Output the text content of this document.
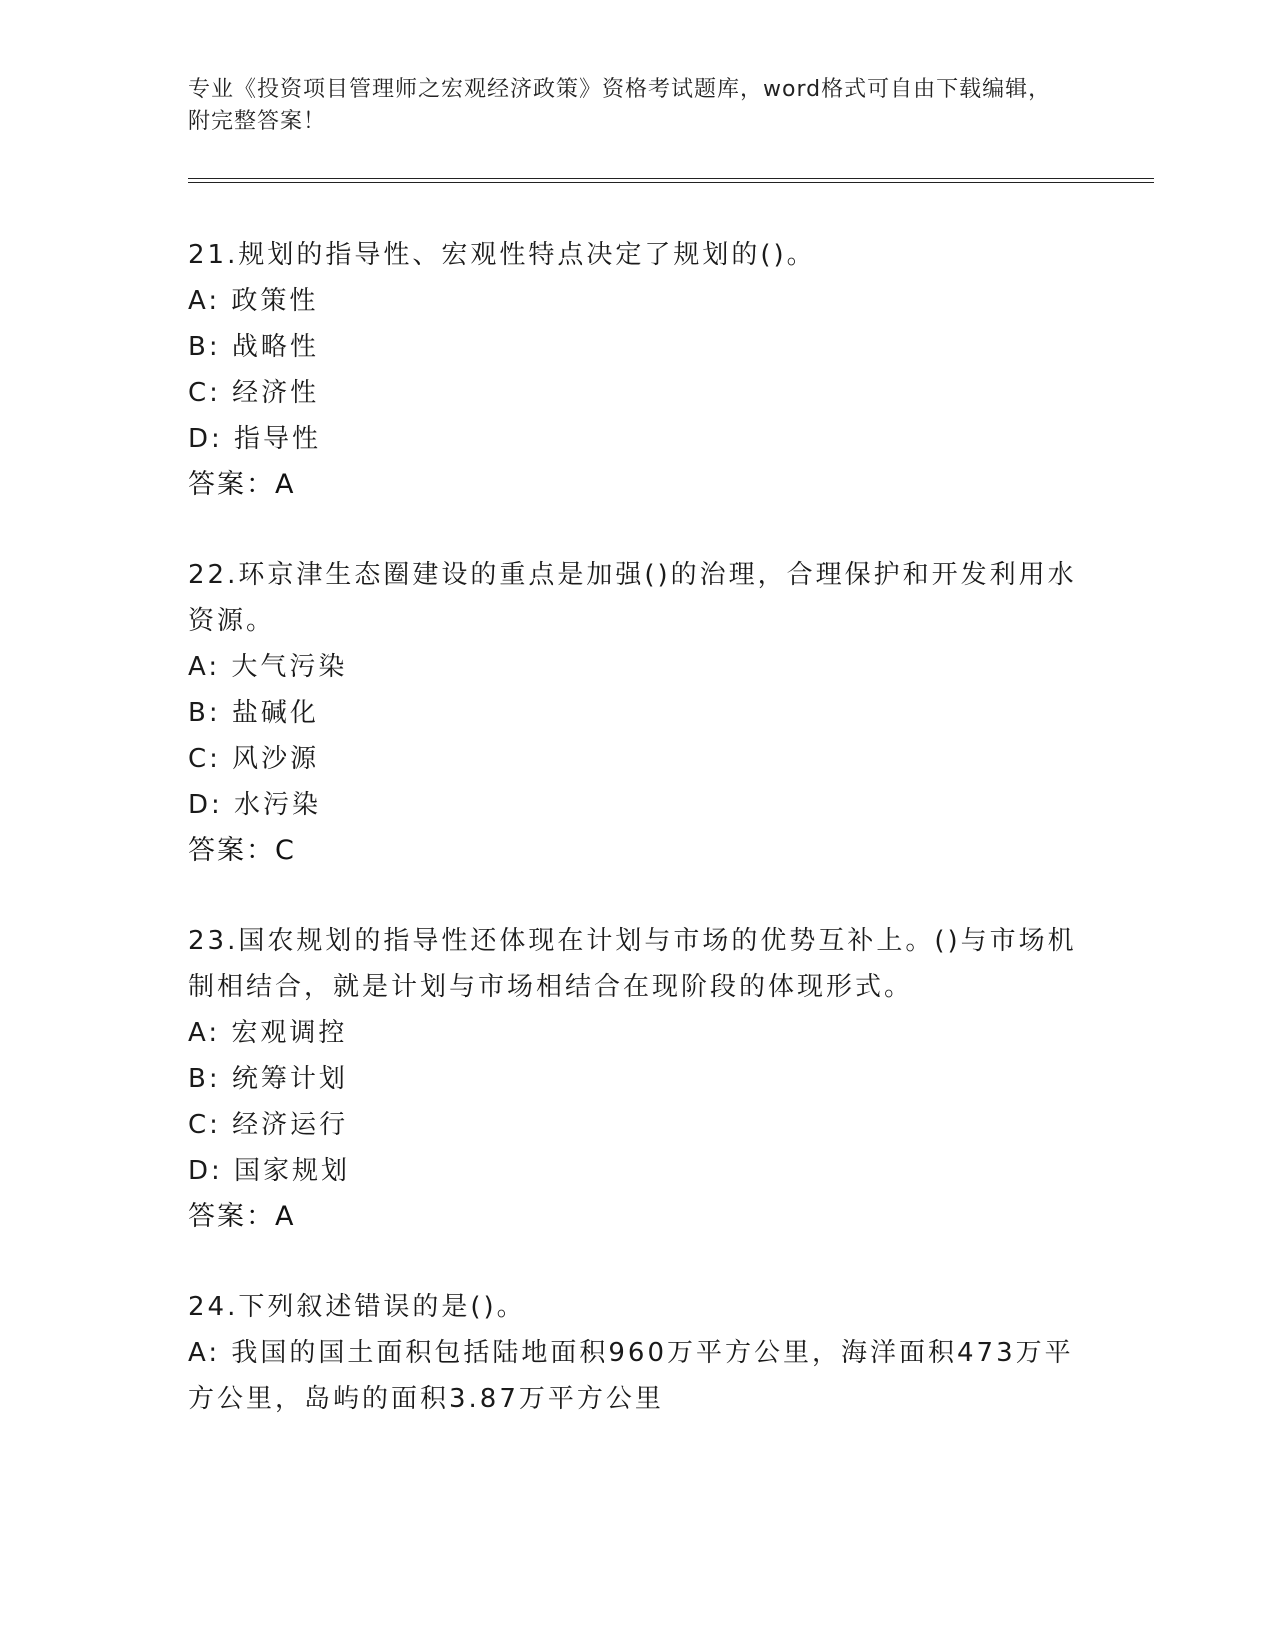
专业《投资项目管理师之宏观经济政策》资格考试题库，word格式可自由下载编辑，附完整答案！
21.规划的指导性、宏观性特点决定了规划的()。
A: 政策性
B: 战略性
C: 经济性
D: 指导性
答案：A
22.环京津生态圈建设的重点是加强()的治理，合理保护和开发利用水资源。
A: 大气污染
B: 盐碱化
C: 风沙源
D: 水污染
答案：C
23.国农规划的指导性还体现在计划与市场的优势互补上。()与市场机制相结合，就是计划与市场相结合在现阶段的体现形式。
A: 宏观调控
B: 统筹计划
C: 经济运行
D: 国家规划
答案：A
24.下列叙述错误的是()。
A: 我国的国土面积包括陆地面积960万平方公里，海洋面积473万平方公里，岛屿的面积3.87万平方公里
